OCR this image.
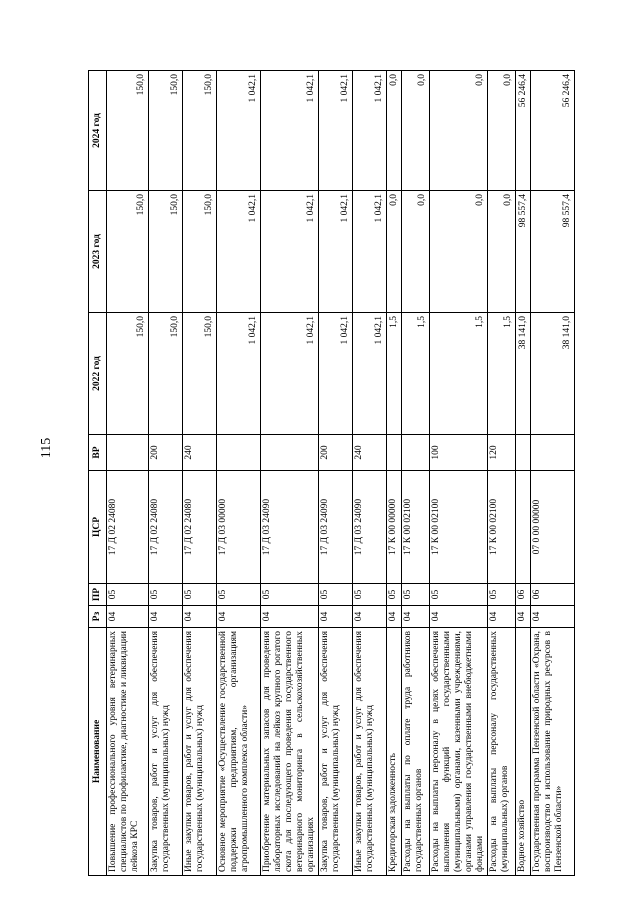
115
Наименование	Рз	ПР	ЦСР	ВР	2022 год	2023 год	2024 год
Повышение профессионального уровня ветеринарных специалистов по профилактике, диагностике и ликвидации лейкоза КРС	04	05	17 Д 02 24080		150,0	150,0	150,0
Закупка товаров, работ и услуг для обеспечения государственных (муниципальных) нужд	04	05	17 Д 02 24080	200	150,0	150,0	150,0
Иные закупки товаров, работ и услуг для обеспечения государственных (муниципальных) нужд	04	05	17 Д 02 24080	240	150,0	150,0	150,0
Основное мероприятие «Осуществление государственной поддержки предприятиям, организациям агропромышленного комплекса области»	04	05	17 Д 03 00000		1 042,1	1 042,1	1 042,1
Приобретение материальных запасов для проведения лабораторных исследований на лейкоз крупного рогатого скота для последующего проведения государственного ветеринарного мониторинга в сельскохозяйственных организациях	04	05	17 Д 03 24090		1 042,1	1 042,1	1 042,1
Закупка товаров, работ и услуг для обеспечения государственных (муниципальных) нужд	04	05	17 Д 03 24090	200	1 042,1	1 042,1	1 042,1
Иные закупки товаров, работ и услуг для обеспечения государственных (муниципальных) нужд	04	05	17 Д 03 24090	240	1 042,1	1 042,1	1 042,1
Кредиторская задолженность	04	05	17 К 00 00000		1,5	0,0	0,0
Расходы на выплаты по оплате труда работников государственных органов	04	05	17 К 00 02100		1,5	0,0	0,0
Расходы на выплаты персоналу в целях обеспечения выполнения функций государственными (муниципальными) органами, казенными учреждениями, органами управления государственными внебюджетными фондами	04	05	17 К 00 02100	100	1,5	0,0	0,0
Расходы на выплаты персоналу государственных (муниципальных) органов	04	05	17 К 00 02100	120	1,5	0,0	0,0
Водное хозяйство	04	06			38 141,0	98 557,4	56 246,4
Государственная программа Пензенской области «Охрана, воспроизводство и использование природных ресурсов в Пензенской области»	04	06	07 0 00 00000		38 141,0	98 557,4	56 246,4
